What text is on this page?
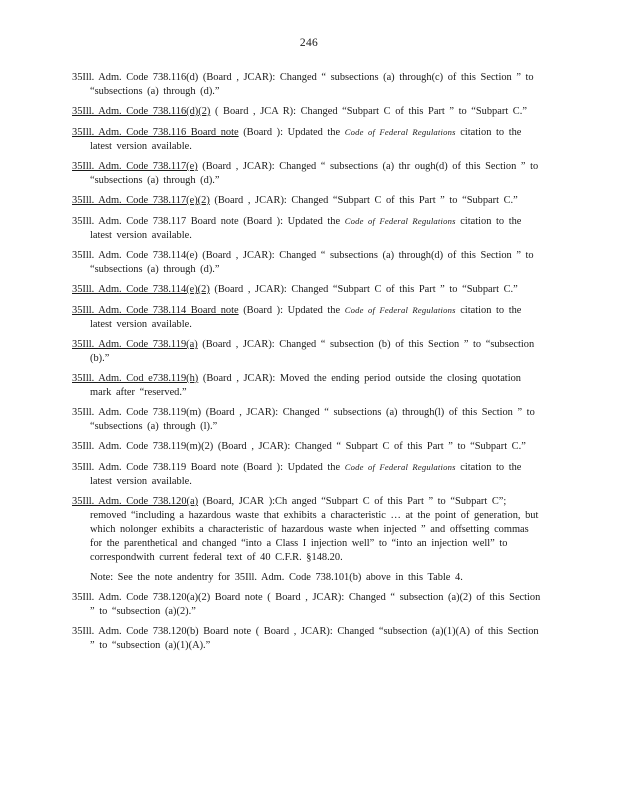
246

35Ill. Adm. Code 738.116(d) (Board , JCAR): Changed “ subsections (a) through(c) of this Section ” to “subsections (a) through (d).”

35Ill. Adm. Code 738.116(d)(2) ( Board , JCA R): Changed “Subpart C of this Part ” to “Subpart C.”

35Ill. Adm. Code 738.116 Board note (Board ): Updated the Code of Federal Regulations citation to the latest version available.

35Ill. Adm. Code 738.117(e) (Board , JCAR): Changed “ subsections (a) thr ough(d) of this Section ” to “subsections (a) through (d).”

35Ill. Adm. Code 738.117(e)(2) (Board , JCAR): Changed “Subpart C of this Part ” to “Subpart C.”

35Ill. Adm. Code 738.117 Board note (Board ): Updated the Code of Federal Regulations citation to the latest version available.

35Ill. Adm. Code 738.114(e) (Board , JCAR): Changed “ subsections (a) through(d) of this Section ” to “subsections (a) through (d).”

35Ill. Adm. Code 738.114(e)(2) (Board , JCAR): Changed “Subpart C of this Part ” to “Subpart C.”

35Ill. Adm. Code 738.114 Board note (Board ): Updated the Code of Federal Regulations citation to the latest version available.

35Ill. Adm. Code 738.119(a) (Board , JCAR): Changed “ subsection (b) of this Section ” to “subsection (b).”

35Ill. Adm. Cod e738.119(h) (Board , JCAR): Moved the ending period outside the closing quotation mark after “reserved.”

35Ill. Adm. Code 738.119(m) (Board , JCAR): Changed “ subsections (a) through(l) of this Section ” to “subsections (a) through (l).”

35Ill. Adm. Code 738.119(m)(2) (Board , JCAR): Changed “ Subpart C of this Part ” to “Subpart C.”

35Ill. Adm. Code 738.119 Board note (Board ): Updated the Code of Federal Regulations citation to the latest version available.

35Ill. Adm. Code 738.120(a) (Board, JCAR ):Ch anged “Subpart C of this Part ” to “Subpart C”; removed “including a hazardous waste that exhibits a characteristic … at the point of generation, but which nolonger exhibits a characteristic of hazardous waste when injected ” and offsetting commas for the parenthetical and changed “into a Class I injection well” to “into an injection well” to correspondwith current federal text of 40 C.F.R. §148.20.

Note: See the note andentry for 35Ill. Adm. Code 738.101(b) above in this Table 4.

35Ill. Adm. Code 738.120(a)(2) Board note ( Board , JCAR): Changed “ subsection (a)(2) of this Section ” to “subsection (a)(2).”

35Ill. Adm. Code 738.120(b) Board note ( Board , JCAR): Changed “subsection (a)(1)(A) of this Section ” to “subsection (a)(1)(A).”
